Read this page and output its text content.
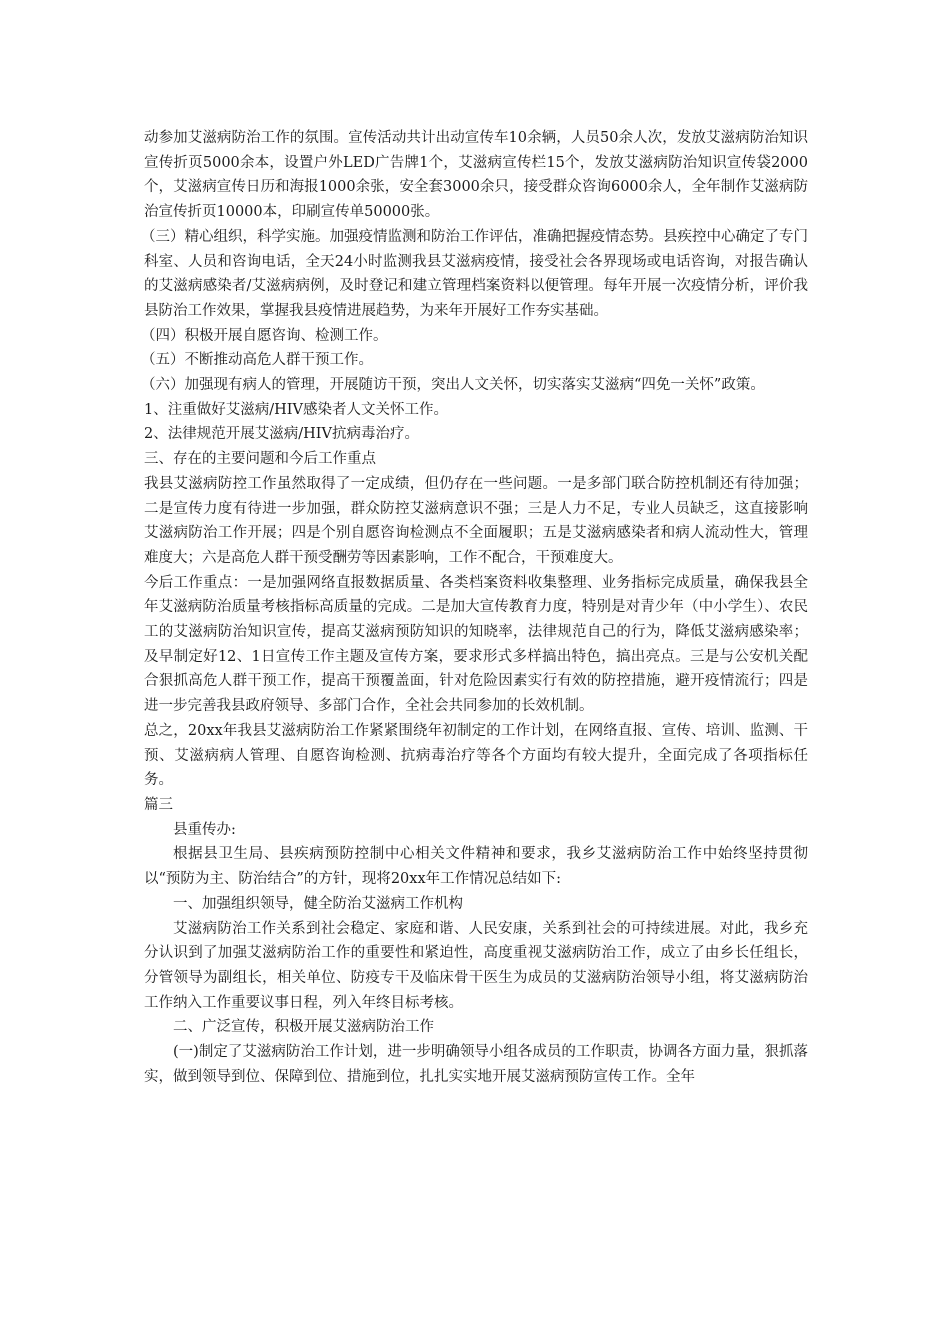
动参加艾滋病防治工作的氛围。宣传活动共计出动宣传车10余辆，人员50余人次，发放艾滋病防治知识宣传折页5000余本，设置户外LED广告牌1个，艾滋病宣传栏15个，发放艾滋病防治知识宣传袋2000个，艾滋病宣传日历和海报1000余张，安全套3000余只，接受群众咨询6000余人，全年制作艾滋病防治宣传折页10000本，印刷宣传单50000张。

（三）精心组织，科学实施。加强疫情监测和防治工作评估，准确把握疫情态势。县疾控中心确定了专门科室、人员和咨询电话，全天24小时监测我县艾滋病疫情，接受社会各界现场或电话咨询，对报告确认的艾滋病感染者/艾滋病病例，及时登记和建立管理档案资料以便管理。每年开展一次疫情分析，评价我县防治工作效果，掌握我县疫情进展趋势，为来年开展好工作夯实基础。

（四）积极开展自愿咨询、检测工作。

（五）不断推动高危人群干预工作。

（六）加强现有病人的管理，开展随访干预，突出人文关怀，切实落实艾滋病“四免一关怀”政策。

1、注重做好艾滋病/HIV感染者人文关怀工作。

2、法律规范开展艾滋病/HIV抗病毒治疗。

三、存在的主要问题和今后工作重点

我县艾滋病防控工作虽然取得了一定成绩，但仍存在一些问题。一是多部门联合防控机制还有待加强；二是宣传力度有待进一步加强，群众防控艾滋病意识不强；三是人力不足，专业人员缺乏，这直接影响艾滋病防治工作开展；四是个别自愿咨询检测点不全面履职；五是艾滋病感染者和病人流动性大，管理难度大；六是高危人群干预受酬劳等因素影响，工作不配合，干预难度大。

今后工作重点：一是加强网络直报数据质量、各类档案资料收集整理、业务指标完成质量，确保我县全年艾滋病防治质量考核指标高质量的完成。二是加大宣传教育力度，特别是对青少年（中小学生）、农民工的艾滋病防治知识宣传，提高艾滋病预防知识的知晓率，法律规范自己的行为，降低艾滋病感染率；及早制定好12、1日宣传工作主题及宣传方案，要求形式多样搞出特色，搞出亮点。三是与公安机关配合狠抓高危人群干预工作，提高干预覆盖面，针对危险因素实行有效的防控措施，避开疫情流行；四是进一步完善我县政府领导、多部门合作，全社会共同参加的长效机制。

总之，20xx年我县艾滋病防治工作紧紧围绕年初制定的工作计划，在网络直报、宣传、培训、监测、干预、艾滋病病人管理、自愿咨询检测、抗病毒治疗等各个方面均有较大提升，全面完成了各项指标任务。

篇三

县重传办:

根据县卫生局、县疾病预防控制中心相关文件精神和要求，我乡艾滋病防治工作中始终坚持贯彻以“预防为主、防治结合”的方针，现将20xx年工作情况总结如下:

一、加强组织领导，健全防治艾滋病工作机构

艾滋病防治工作关系到社会稳定、家庭和谐、人民安康，关系到社会的可持续进展。对此，我乡充分认识到了加强艾滋病防治工作的重要性和紧迫性，高度重视艾滋病防治工作，成立了由乡长任组长，分管领导为副组长，相关单位、防疫专干及临床骨干医生为成员的艾滋病防治领导小组，将艾滋病防治工作纳入工作重要议事日程，列入年终目标考核。

二、广泛宣传，积极开展艾滋病防治工作

(一)制定了艾滋病防治工作计划，进一步明确领导小组各成员的工作职责，协调各方面力量，狠抓落实，做到领导到位、保障到位、措施到位，扎扎实实地开展艾滋病预防宣传工作。全年
